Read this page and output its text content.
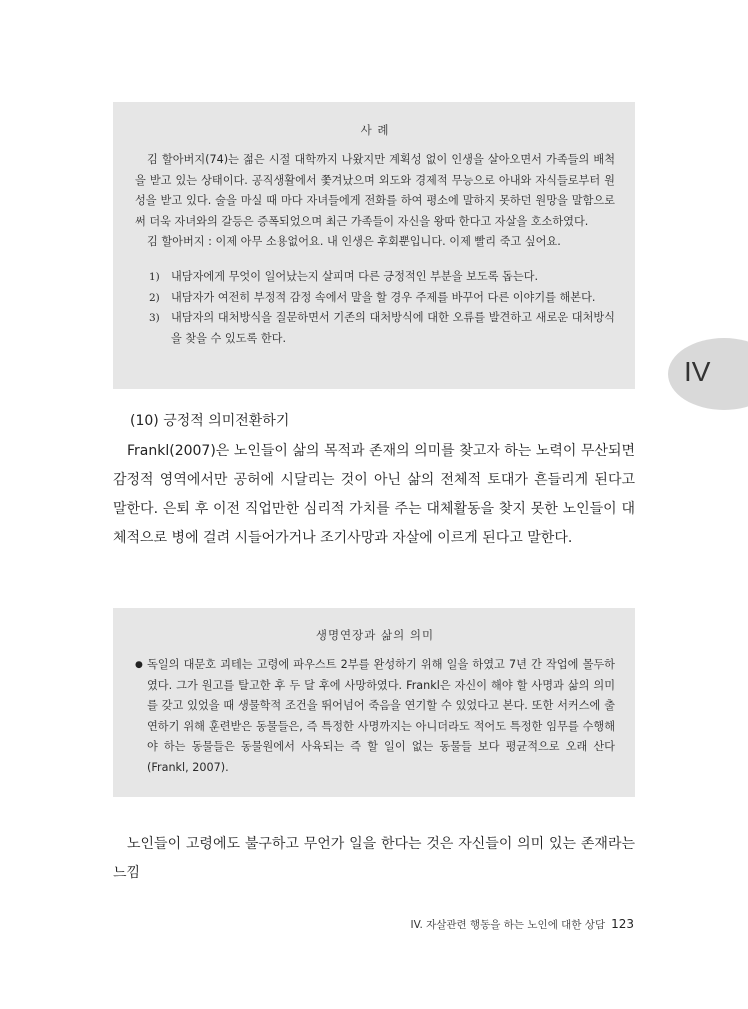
사 례

김 할아버지(74)는 젊은 시절 대학까지 나왔지만 계획성 없이 인생을 살아오면서 가족들의 배척을 받고 있는 상태이다. 공직생활에서 쫓겨났으며 외도와 경제적 무능으로 아내와 자식들로부터 원성을 받고 있다. 술을 마실 때 마다 자녀들에게 전화를 하여 평소에 말하지 못하던 원망을 말함으로써 더욱 자녀와의 갈등은 증폭되었으며 최근 가족들이 자신을 왕따 한다고 자살을 호소하였다.

김 할아버지 : 이제 아무 소용없어요. 내 인생은 후회뿐입니다. 이제 빨리 죽고 싶어요.

1) 내담자에게 무엇이 일어났는지 살피며 다른 긍정적인 부분을 보도록 돕는다.
2) 내담자가 여전히 부정적 감정 속에서 말을 할 경우 주제를 바꾸어 다른 이야기를 해본다.
3) 내담자의 대처방식을 질문하면서 기존의 대처방식에 대한 오류를 발견하고 새로운 대처방식을 찾을 수 있도록 한다.
IV
(10) 긍정적 의미전환하기

Frankl(2007)은 노인들이 삶의 목적과 존재의 의미를 찾고자 하는 노력이 무산되면 감정적 영역에서만 공허에 시달리는 것이 아닌 삶의 전체적 토대가 흔들리게 된다고 말한다. 은퇴 후 이전 직업만한 심리적 가치를 주는 대체활동을 찾지 못한 노인들이 대체적으로 병에 걸려 시들어가거나 조기사망과 자살에 이르게 된다고 말한다.

생명연장과 삶의 의미
● 독일의 대문호 괴테는 고령에 파우스트 2부를 완성하기 위해 일을 하였고 7년 간 작업에 몰두하였다. 그가 원고를 탈고한 후 두 달 후에 사망하였다. Frankl은 자신이 해야 할 사명과 삶의 의미를 갖고 있었을 때 생물학적 조건을 뛰어넘어 죽음을 연기할 수 있었다고 본다. 또한 서커스에 출연하기 위해 훈련받은 동물들은, 즉 특정한 사명까지는 아니더라도 적어도 특정한 임무를 수행해야 하는 동물들은 동물원에서 사육되는 즉 할 일이 없는 동물들 보다 평균적으로 오래 산다(Frankl, 2007).

노인들이 고령에도 불구하고 무언가 일을 한다는 것은 자신들이 의미 있는 존재라는 느낌

IV. 자살관련 행동을 하는 노인에 대한 상담 123
